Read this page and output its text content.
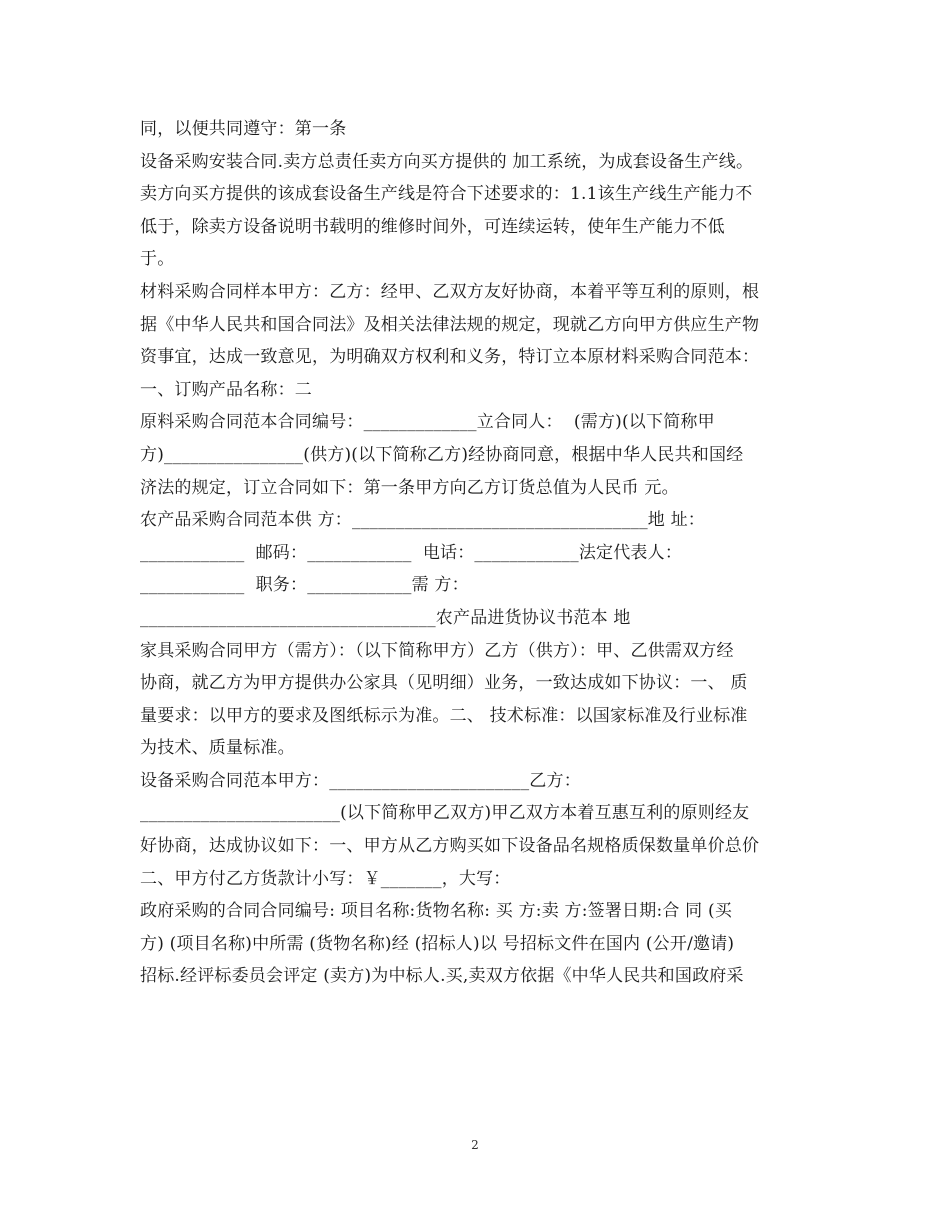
同，以便共同遵守：第一条
设备采购安装合同.卖方总责任卖方向买方提供的 加工系统，为成套设备生产线。
卖方向买方提供的该成套设备生产线是符合下述要求的：1.1该生产线生产能力不
低于，除卖方设备说明书载明的维修时间外，可连续运转，使年生产能力不低
于。
材料采购合同样本甲方：乙方：经甲、乙双方友好协商，本着平等互利的原则，根
据《中华人民共和国合同法》及相关法律法规的规定，现就乙方向甲方供应生产物
资事宜，达成一致意见，为明确双方权利和义务，特订立本原材料采购合同范本：
一、订购产品名称：二
原料采购合同范本合同编号：_____________立合同人：  (需方)(以下简称甲
方)________________(供方)(以下简称乙方)经协商同意，根据中华人民共和国经
济法的规定，订立合同如下：第一条甲方向乙方订货总值为人民币 元。
农产品采购合同范本供 方：__________________________________地 址：
____________  邮码：____________  电话：____________法定代表人：
____________  职务：____________需 方：
__________________________________农产品进货协议书范本 地
家具采购合同甲方（需方）：（以下简称甲方）乙方（供方）：甲、乙供需双方经
协商，就乙方为甲方提供办公家具（见明细）业务，一致达成如下协议：一、 质
量要求：以甲方的要求及图纸标示为准。二、 技术标准：以国家标准及行业标准
为技术、质量标准。
设备采购合同范本甲方：_______________________乙方：
_______________________(以下简称甲乙双方)甲乙双方本着互惠互利的原则经友
好协商，达成协议如下：一、甲方从乙方购买如下设备品名规格质保数量单价总价
二、甲方付乙方货款计小写：￥_______，大写：
政府采购的合同合同编号: 项目名称:货物名称: 买 方:卖 方:签署日期:合 同 (买
方) (项目名称)中所需 (货物名称)经 (招标人)以 号招标文件在国内 (公开/邀请)
招标.经评标委员会评定 (卖方)为中标人.买,卖双方依据《中华人民共和国政府采
2
